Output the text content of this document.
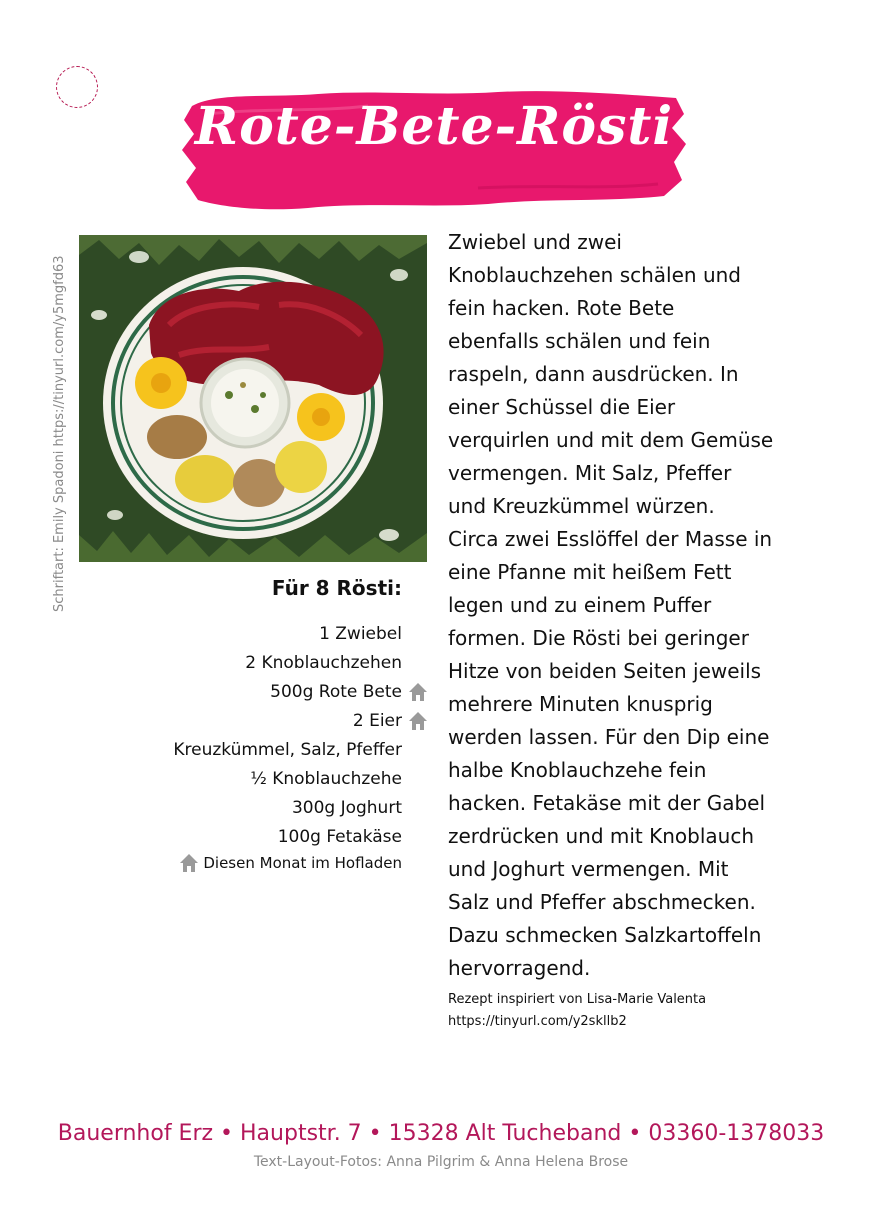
Rote-Bete-Rösti
Schriftart: Emily Spadoni https://tinyurl.com/y5mgfd63	Für 8 Rösti:
1 Zwiebel
2 Knoblauchzehen
500g Rote Bete
2 Eier
Kreuzkümmel, Salz, Pfeffer
½ Knoblauchzehe
300g Joghurt
100g Fetakäse
Diesen Monat im Hofladen
Zwiebel und zwei
Knoblauchzehen schälen und
fein hacken. Rote Bete
ebenfalls schälen und fein
raspeln, dann ausdrücken. In
einer Schüssel die Eier
verquirlen und mit dem Gemüse
vermengen. Mit Salz, Pfeffer
und Kreuzkümmel würzen.
Circa zwei Esslöffel der Masse in
eine Pfanne mit heißem Fett
legen und zu einem Puffer
formen. Die Rösti bei geringer
Hitze von beiden Seiten jeweils
mehrere Minuten knusprig
werden lassen. Für den Dip eine
halbe Knoblauchzehe fein
hacken. Fetakäse mit der Gabel
zerdrücken und mit Knoblauch
und Joghurt vermengen. Mit
Salz und Pfeffer abschmecken.
Dazu schmecken Salzkartoffeln
hervorragend.
Rezept inspiriert von Lisa-Marie Valenta
https://tinyurl.com/y2skllb2
Bauernhof Erz • Hauptstr. 7 • 15328 Alt Tucheband • 03360-1378033
Text-Layout-Fotos: Anna Pilgrim & Anna Helena Brose
